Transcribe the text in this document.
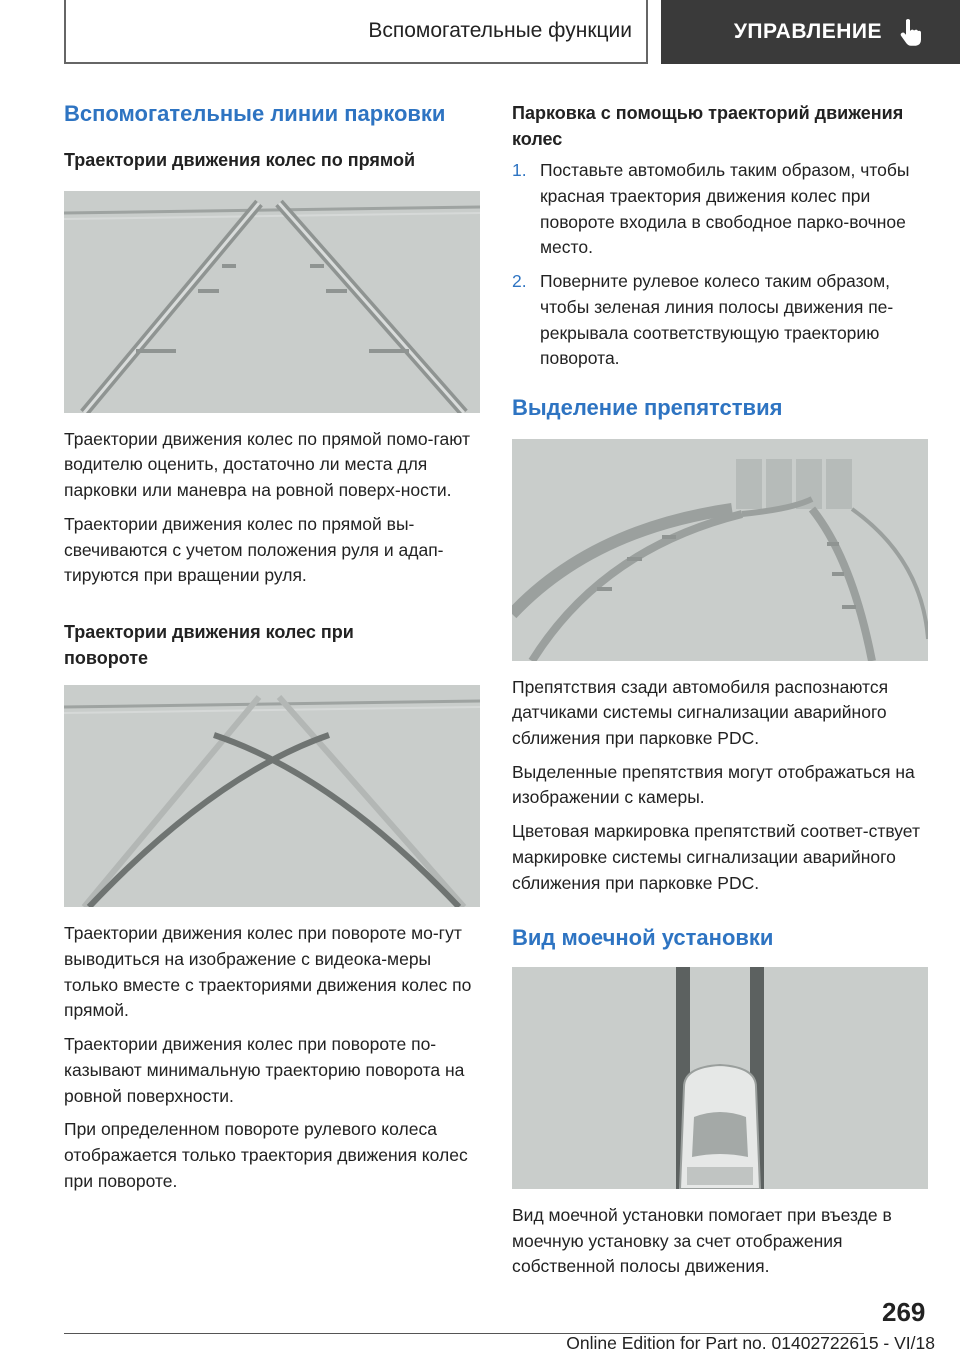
Вспомогательные функции	УПРАВЛЕНИЕ
Вспомогательные линии парковки
Траектории движения колес по прямой

Траектории движения колес по прямой помо-гают водителю оценить, достаточно ли места для парковки или маневра на ровной поверх-ности.

Траектории движения колес по прямой вы-свечиваются с учетом положения руля и адап-тируются при вращении руля.

Траектории движения колес при повороте

Траектории движения колес при повороте мо-гут выводиться на изображение с видеока-меры только вместе с траекториями движения колес по прямой.

Траектории движения колес при повороте по-казывают минимальную траекторию поворота на ровной поверхности.

При определенном повороте рулевого колеса отображается только траектория движения колес при повороте.

Парковка с помощью траекторий движения колес
1. Поставьте автомобиль таким образом, чтобы красная траектория движения колес при повороте входила в свободное парко-вочное место.
2. Поверните рулевое колесо таким образом, чтобы зеленая линия полосы движения пе-рекрывала соответствующую траекторию поворота.
Выделение препятствия

Препятствия сзади автомобиля распознаются датчиками системы сигнализации аварийного сближения при парковке PDC.

Выделенные препятствия могут отображаться на изображении с камеры.

Цветовая маркировка препятствий соответ-ствует маркировке системы сигнализации аварийного сближения при парковке PDC.

Вид моечной установки

Вид моечной установки помогает при въезде в моечную установку за счет отображения собственной полосы движения.

269
Online Edition for Part no. 01402722615 - VI/18
